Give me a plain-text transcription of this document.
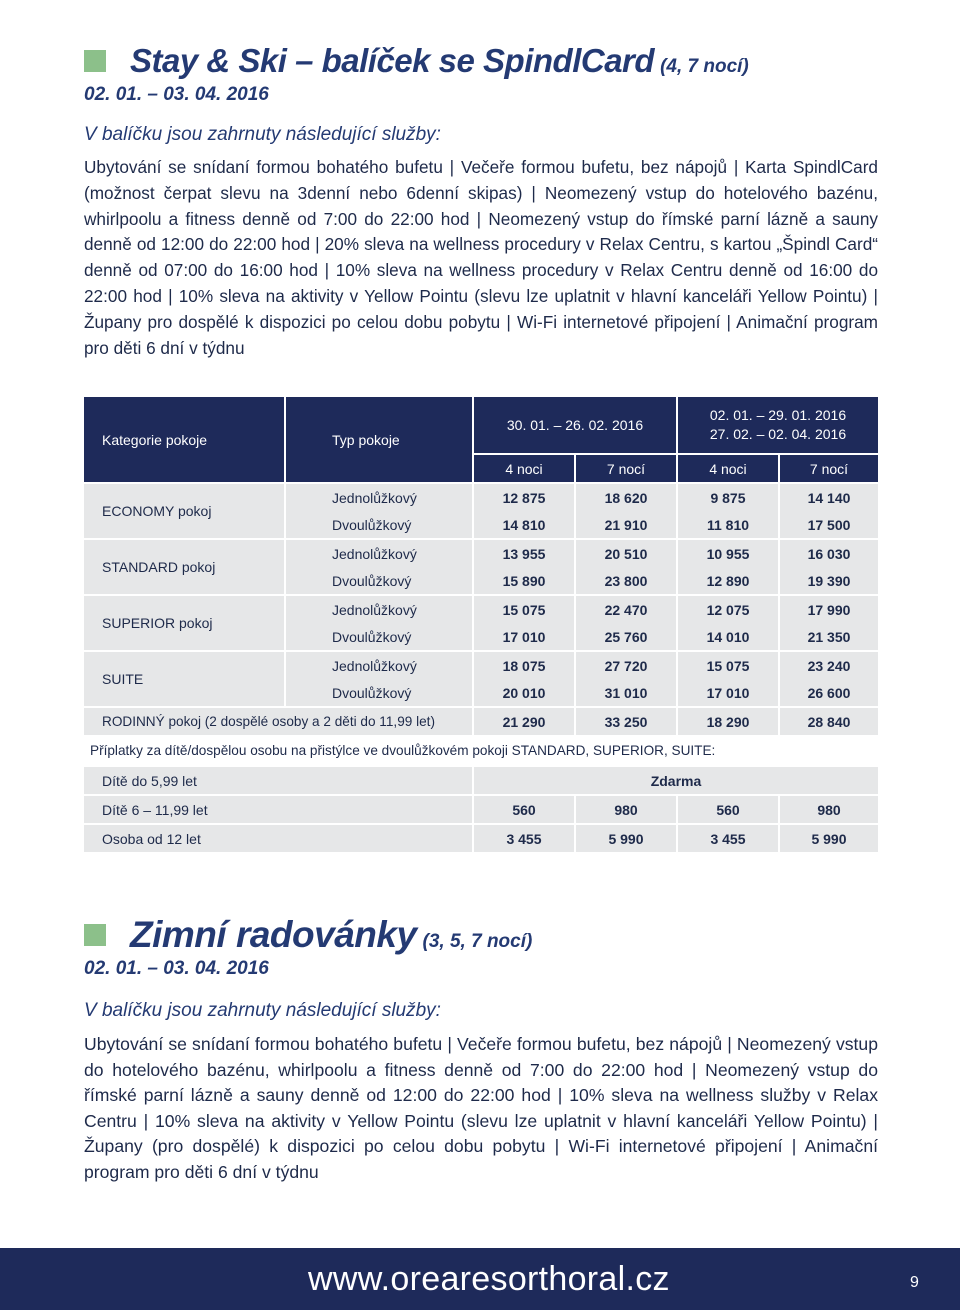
Stay & Ski – balíček se SpindlCard (4, 7 nocí)
02. 01. – 03. 04. 2016
V balíčku jsou zahrnuty následující služby:
Ubytování se snídaní formou bohatého bufetu | Večeře formou bufetu, bez nápojů | Karta SpindlCard (možnost čerpat slevu na 3denní nebo 6denní skipas) | Neomezený vstup do hotelového bazénu, whirlpoolu a fitness denně od 7:00 do 22:00 hod | Neomezený vstup do římské parní lázně a sauny denně od 12:00 do 22:00 hod | 20% sleva na wellness procedury v Relax Centru, s kartou „Špindl Card“ denně od 07:00 do 16:00 hod | 10% sleva na wellness procedury v Relax Centru denně od 16:00 do 22:00 hod | 10% sleva na aktivity v Yellow Pointu (slevu lze uplatnit v hlavní kanceláři Yellow Pointu) | Župany pro dospělé k dispozici po celou dobu pobytu | Wi-Fi internetové připojení | Animační program pro děti 6 dní v týdnu
Kategorie pokoje	Typ pokoje	30. 01. – 26. 02. 2016		02. 01. – 29. 01. 2016
27. 02. – 02. 04. 2016	

		4 noci	7 nocí	4 noci	7 nocí
ECONOMY pokoj	Jednolůžkový	12 875	18 620	9 875	14 140
	Dvoulůžkový	14 810	21 910	11 810	17 500
STANDARD pokoj	Jednolůžkový	13 955	20 510	10 955	16 030
	Dvoulůžkový	15 890	23 800	12 890	19 390
SUPERIOR pokoj	Jednolůžkový	15 075	22 470	12 075	17 990
	Dvoulůžkový	17 010	25 760	14 010	21 350
SUITE	Jednolůžkový	18 075	27 720	15 075	23 240
	Dvoulůžkový	20 010	31 010	17 010	26 600
RODINNÝ pokoj (2 dospělé osoby a 2 děti do 11,99 let)		21 290	33 250	18 290	28 840
Příplatky za dítě/dospělou osobu na přistýlce ve dvoulůžkovém pokoji STANDARD, SUPERIOR, SUITE:					
Dítě do 5,99 let		Zdarma			
Dítě 6 – 11,99 let		560	980	560	980
Osoba od 12 let		3 455	5 990	3 455	5 990
Zimní radovánky (3, 5, 7 nocí)
02. 01. – 03. 04. 2016
V balíčku jsou zahrnuty následující služby:
Ubytování se snídaní formou bohatého bufetu | Večeře formou bufetu, bez nápojů | Neomezený vstup do hotelového bazénu, whirlpoolu a fitness denně od 7:00 do 22:00 hod | Neomezený vstup do římské parní lázně a sauny denně od 12:00 do 22:00 hod | 10% sleva na wellness služby v Relax Centru | 10% sleva na aktivity v Yellow Pointu (slevu lze uplatnit v hlavní kanceláři Yellow Pointu) | Župany (pro dospělé) k dispozici po celou dobu pobytu | Wi-Fi internetové připojení | Animační program pro děti 6 dní v týdnu
www.orearesorthoral.cz	9
